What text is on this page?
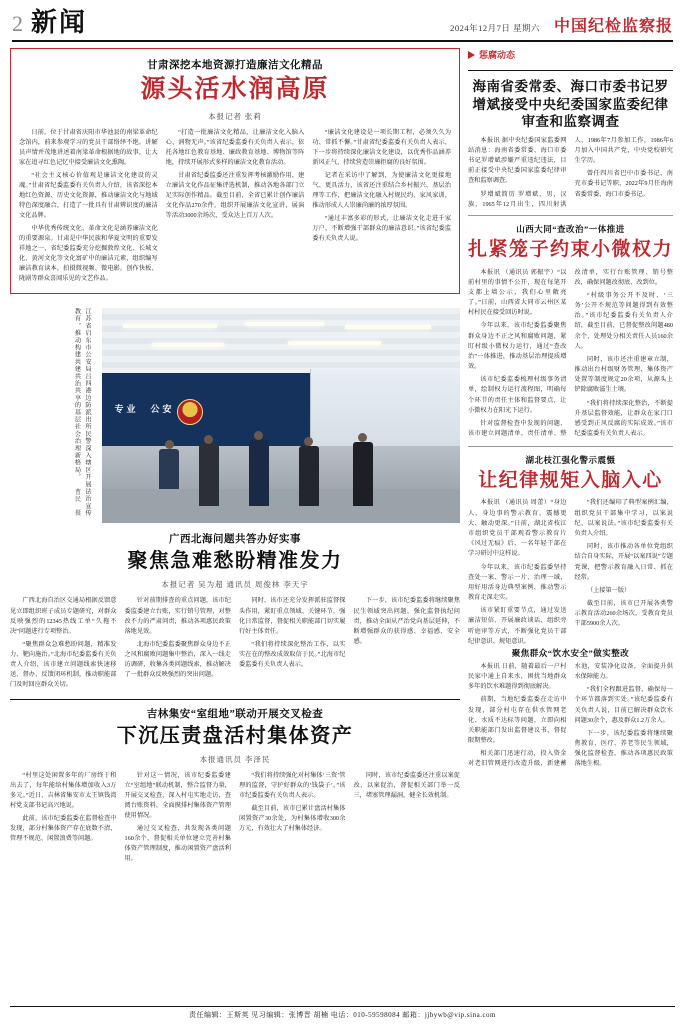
2 新闻	2024年12月7日 星期六 中国纪检监察报
甘肃深挖本地资源打造廉洁文化精品
源头活水润高原
本报记者 张莉

日前，位于甘肃省庆阳市华池县的南梁革命纪念馆内，前来参观学习的党员干部络绎不绝。讲解员声情并茂地讲述着南梁革命根据地的故事，让大家在追寻红色记忆中接受廉洁文化熏陶。

“社会主义核心价值观是廉洁文化建设的灵魂。”甘肃省纪委监委有关负责人介绍，该省深挖本地红色资源、历史文化资源，推动廉洁文化与地域特色深度融合，打造了一批具有甘肃辨识度的廉洁文化品牌。

中华优秀传统文化、革命文化是涵养廉洁文化的重要源泉。甘肃是中华民族和华夏文明的重要发祥地之一，省纪委监委充分挖掘敦煌文化、长城文化、黄河文化等文化富矿中的廉洁元素，组织编写廉洁教育读本，拍摄微视频、微电影，创作快板、陇剧等群众喜闻乐见的文艺作品。

“打造一批廉洁文化精品，让廉洁文化入脑入心、润物无声。”该省纪委监委有关负责人表示，依托各地红色教育基地、廉政教育基地、博物馆等阵地，持续开展形式多样的廉洁文化教育活动。

甘肃省纪委监委还注重发挥考核激励作用，建立廉洁文化作品征集评选机制，推动各地各部门立足实际创作精品。截至目前，全省已累计创作廉洁文化作品270余件，组织开展廉洁文化宣讲、展演等活动3000余场次，受众达上百万人次。

“廉洁文化建设是一项长期工程，必须久久为功、常抓不懈。”甘肃省纪委监委有关负责人表示，下一步将持续深化廉洁文化建设，以优秀作品涵养新风正气，持续营造崇廉拒腐的良好氛围。

记者在采访中了解到，为使廉洁文化更接地气、更具活力，该省还注重结合乡村振兴、基层治理等工作，把廉洁文化融入村规民约、家风家训，推动形成人人崇廉尚廉的浓厚氛围。

“通过丰富多彩的形式，让廉洁文化走进千家万户，不断增强干部群众的廉洁意识。”该省纪委监委有关负责人说。

江苏省启东市公安局吕四港边防派出所民警深入辖区开展法治宣传教育，推动构建共建共治共享的基层社会治理新格局。 曹民 摄
专业　公安
广西北海问题共答办好实事
聚焦急难愁盼精准发力
本报记者 吴为超 通讯员 周俊林 李天宇

广西北海自治区交通局根据反馈意见立即组织班子成员专题研究，对群众反映强烈的12345热线工单“久拖不决”问题进行专项整治。

“聚焦群众急难愁盼问题，精准发力、靶向施治。”北海市纪委监委有关负责人介绍，该市建立问题线索快速移送、督办、反馈闭环机制，推动职能部门及时回应群众关切。

针对前期排查的重点问题，该市纪委监委建立台账，实行销号管理，对整改不力的严肃问责，推动各项惠民政策落地见效。

北海市纪委监委聚焦群众身边不正之风和腐败问题集中整治，深入一线走访调研，收集各类问题线索，推动解决了一批群众反映强烈的突出问题。

同时，该市还充分发挥派驻监督探头作用，紧盯重点领域、关键环节，强化日常监督，督促相关职能部门切实履行好主体责任。

“我们将持续深化整治工作，以实实在在的整改成效取信于民。”北海市纪委监委有关负责人表示。

下一步，该市纪委监委将继续聚焦民生领域突出问题，强化监督执纪问责，推动全面从严治党向基层延伸，不断增强群众的获得感、幸福感、安全感。

吉林集安“室组地”联动开展交叉检查
下沉压责盘活村集体资产
本报通讯员 李泽民

“村里这处闲置多年的厂房终于租出去了，每年能给村集体增加收入3万多元。”近日，吉林省集安市太王镇钱湾村党支部书记高兴地说。

此前，该市纪委监委在监督检查中发现，部分村集体资产存在底数不清、管理不规范、闲置浪费等问题。

针对这一情况，该市纪委监委建立“室组地”联动机制，整合监督力量，开展交叉检查，深入村屯实地走访，查阅台账资料，全面摸排村集体资产管理使用情况。

通过交叉检查，共发现各类问题160余个，督促相关单位建立完善村集体资产管理制度，推动闲置资产盘活利用。

“我们将持续强化对村集体‘三资’管理的监督，守护好群众的‘钱袋子’。”该市纪委监委有关负责人表示。

截至目前，该市已累计盘活村集体闲置资产30余处，为村集体增收300余万元，有效壮大了村集体经济。

同时，该市纪委监委还注重以案促改、以案促治，督促相关部门举一反三，堵塞管理漏洞，健全长效机制。

惩腐动态
海南省委常委、海口市委书记罗增斌接受中央纪委国家监委纪律审查和监察调查

本报讯 据中央纪委国家监委网站消息：海南省委常委、海口市委书记罗增斌涉嫌严重违纪违法，目前正接受中央纪委国家监委纪律审查和监察调查。

罗增斌简历 罗增斌，男，汉族，1965年12月出生，四川射洪人，1986年7月参加工作，1986年6月加入中国共产党，中央党校研究生学历。

曾任四川省巴中市委书记、南充市委书记等职，2022年9月任海南省委常委、海口市委书记。

山西大同“查改治”一体推进
扎紧笼子约束小微权力

本报讯 （通讯员 郭振宇）“以前村里的事情不公开，现在每笔开支都上墙公示，我们心里敞亮了。”日前，山西省大同市云州区某村村民在接受回访时说。

今年以来，该市纪委监委聚焦群众身边不正之风和腐败问题，紧盯村级小微权力运行，通过“查改治”一体推进，推动基层治理提质增效。

该市纪委监委梳理村级事务清单，绘制权力运行流程图，明确每个环节的责任主体和监督要点，让小微权力在阳光下运行。

针对监督检查中发现的问题，该市建立问题清单、责任清单、整改清单，实行台账管理、销号整改，确保问题改彻底、改到位。

“村级事务公开不及时、‘三务’公开不规范等问题得到有效整治。”该市纪委监委有关负责人介绍，截至目前，已督促整改问题480余个，处理处分相关责任人员160余人。

同时，该市还注重建章立制，推动出台村级财务管理、集体资产处置等制度规定20余项，从源头上铲除腐败滋生土壤。

“我们将持续深化整治，不断提升基层监督效能，让群众在家门口感受到正风反腐的实际成效。”该市纪委监委有关负责人表示。

湖北枝江强化警示震慑
让纪律规矩入脑入心

本报讯 （通讯员 周蕾）“身边人、身边事的警示教育，震撼更大、触动更深。”日前，湖北省枝江市组织党员干部观看警示教育片《风过无痕》后，一名年轻干部在学习研讨中这样说。

今年以来，该市纪委监委坚持查处一案、警示一片、治理一域，用好用活身边典型案例，推动警示教育走深走实。

该市紧盯重要节点，通过发送廉洁短信、开展廉政谈话、组织旁听庭审等方式，不断强化党员干部纪律意识、规矩意识。

“我们还编印了典型案例汇编，组织党员干部集中学习，以案说纪、以案说法。”该市纪委监委有关负责人介绍。

同时，该市推动各单位党组织结合自身实际，开展“以案四说”专题党课，把警示教育融入日常、抓在经常。

（上接第一版）

截至目前，该市已开展各类警示教育活动260余场次，受教育党员干部5900余人次。

聚焦群众“饮水安全”做实整改

本报讯 日前，随着最后一户村民家中通上自来水，困扰当地群众多年的饮水难题得到彻底解决。

前期，当地纪委监委在走访中发现，部分村屯存在供水管网老化、水质不达标等问题，立即向相关职能部门发出监督建议书，督促限期整改。

相关部门迅速行动，投入资金对老旧管网进行改造升级，新建蓄水池，安装净化设备，全面提升供水保障能力。

“我们全程跟进监督，确保每一个环节都落到实处。”该纪委监委有关负责人说，目前已解决群众饮水问题30余个，惠及群众1.2万余人。

下一步，该纪委监委将继续聚焦教育、医疗、养老等民生领域，强化监督检查，推动各项惠民政策落地生根。

责任编辑：王斯英 见习编辑：张博晋 胡楠 电话：010-59598084 邮箱：jjbywb@vip.sina.com
